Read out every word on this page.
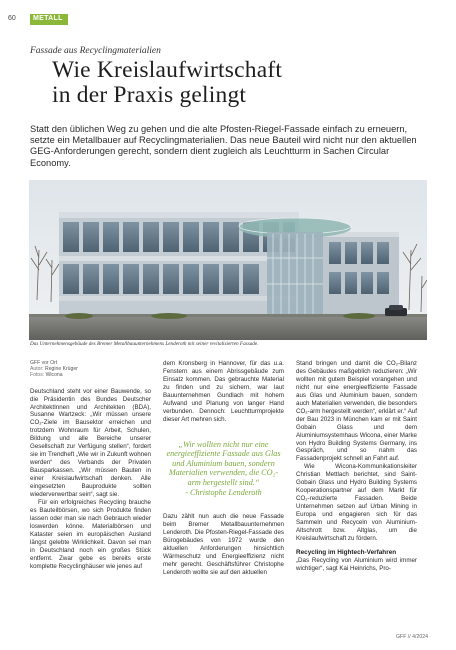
60	METALL
Fassade aus Recyclingmaterialien
Wie Kreislaufwirtschaft
in der Praxis gelingt
Statt den üblichen Weg zu gehen und die alte Pfosten-Riegel-Fassade einfach zu erneuern, setzte ein Metallbauer auf Recyclingmaterialien. Das neue Bauteil wird nicht nur den aktuellen GEG-Anforderungen gerecht, sondern dient zugleich als Leuchtturm in Sachen Circular Economy.
Das Unternehmensgebäude des Bremer Metallbauunternehmens Lenderoth mit seiner revitalisierten Fassade.
GFF vor Ort
Autor: Regine Krüger
Fotos: Wicona

Deutschland steht vor einer Bauwende, so die Präsidentin des Bundes Deutscher ArchitektInnen und Architekten (BDA), Susanne Wartzeck: „Wir müssen unsere CO₂-Ziele im Bausektor erreichen und trotzdem Wohnraum für Arbeit, Schulen, Bildung und alle Bereiche unserer Gesellschaft zur Verfügung stellen“, fordert sie im Trendheft „Wie wir in Zukunft wohnen werden“ des Verbands der Privaten Bausparkassen. „Wir müssen Bauten in einer Kreislaufwirtschaft denken. Alle eingesetzten Bauprodukte sollten wiederverwertbar sein“, sagt sie.

Für ein erfolgreiches Recycling brauche es Bauteilbörsen, wo sich Produkte finden lassen oder man sie nach Gebrauch wieder loswerden könne. Materialbörsen und Kataster seien im europäischen Ausland längst gelebte Wirklichkeit. Davon sei man in Deutschland noch ein großes Stück entfernt. Zwar gebe es bereits erste komplette Recyclinghäuser wie jenes auf

dem Kronsberg in Hannover, für das u.a. Fenstern aus einem Abrissgebäude zum Einsatz kommen. Das gebrauchte Material zu finden und zu sichern, war laut Bauunternehmen Gundlach mit hohem Aufwand und Planung von langer Hand verbunden. Dennoch: Leuchtturmprojekte dieser Art mehren sich.

„Wir wollten nicht nur eine energieeffiziente Fassade aus Glas und Aluminium bauen, sondern Materialien verwenden, die CO₂-arm hergestellt sind.“
- Christophe Lenderoth

Dazu zählt nun auch die neue Fassade beim Bremer Metallbauunternehmen Lenderoth. Die Pfosten-Riegel-Fassade des Bürogebäudes von 1972 wurde den aktuellen Anforderungen hinsichtlich Wärmeschutz und Energieeffizienz nicht mehr gerecht. Geschäftsführer Christophe Lenderoth wollte sie auf den aktuellen

Stand bringen und damit die CO₂-Bilanz des Gebäudes maßgeblich reduzieren: „Wir wollten mit gutem Beispiel vorangehen und nicht nur eine energieeffiziente Fassade aus Glas und Aluminium bauen, sondern auch Materialien verwenden, die besonders CO₂-arm hergestellt werden“, erklärt er.“ Auf der Bau 2023 in München kam er mit Saint Gobain Glass und dem Aluminiumsystemhaus Wicona, einer Marke von Hydro Building Systems Germany, ins Gespräch, und so nahm das Fassadenprojekt schnell an Fahrt auf.

Wie Wicona-Kommunikationsleiter Christian Mettlach berichtet, sind Saint-Gobain Glass und Hydro Building Systems Kooperationspartner auf dem Markt für CO₂-reduzierte Fassaden. Beide Unternehmen setzen auf Urban Mining in Europa und engagieren sich für das Sammeln und Recyceln von Aluminium-Altschrott bzw. Altglas, um die Kreislaufwirtschaft zu fördern.

Recycling im Hightech-Verfahren

„Das Recycling von Aluminium wird immer wichtiger“, sagt Kai Heinrichs, Pro-

GFF // 4/2024
